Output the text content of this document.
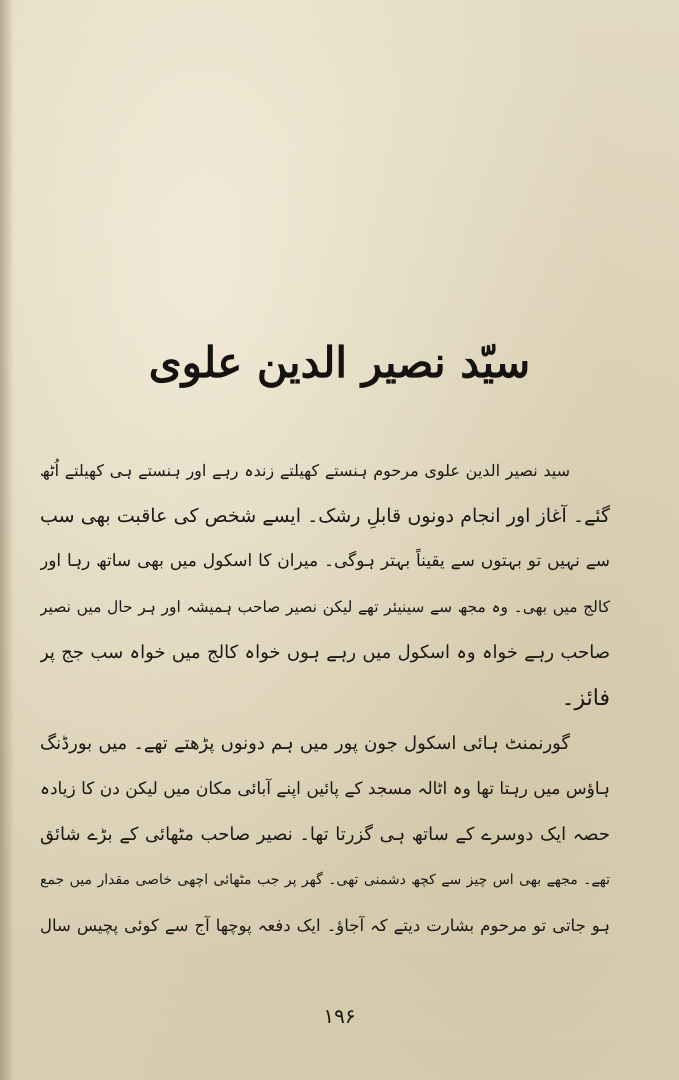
سیّد نصیر الدین علوی
سید نصیر الدین علوی مرحوم ہنستے کھیلتے زندہ رہے اور ہنستے ہی کھیلتے اُٹھ
گئے۔ آغاز اور انجام دونوں قابلِ رشک۔ ایسے شخص کی عاقبت بھی سب
سے نہیں تو بہتوں سے یقیناً بہتر ہوگی۔ میران کا اسکول میں بھی ساتھ رہا اور
کالج میں بھی۔ وہ مجھ سے سینیئر تھے لیکن نصیر صاحب ہمیشہ اور ہر حال میں نصیر
صاحب رہے خواہ وہ اسکول میں رہے ہوں خواہ کالج میں خواہ سب جج پر
فائز۔
گورنمنٹ ہائی اسکول جون پور میں ہم دونوں پڑھتے تھے۔ میں بورڈنگ
ہاؤس میں رہتا تھا وہ اٹالہ مسجد کے پائیں اپنے آبائی مکان میں لیکن دن کا زیادہ
حصہ ایک دوسرے کے ساتھ ہی گزرتا تھا۔ نصیر صاحب مٹھائی کے بڑے شائق
تھے۔ مجھے بھی اس چیز سے کچھ دشمنی تھی۔ گھر پر جب مٹھائی اچھی خاصی مقدار میں جمع
ہو جاتی تو مرحوم بشارت دیتے کہ آجاؤ۔ ایک دفعہ پوچھا آج سے کوئی پچیس سال
۱۹۶
